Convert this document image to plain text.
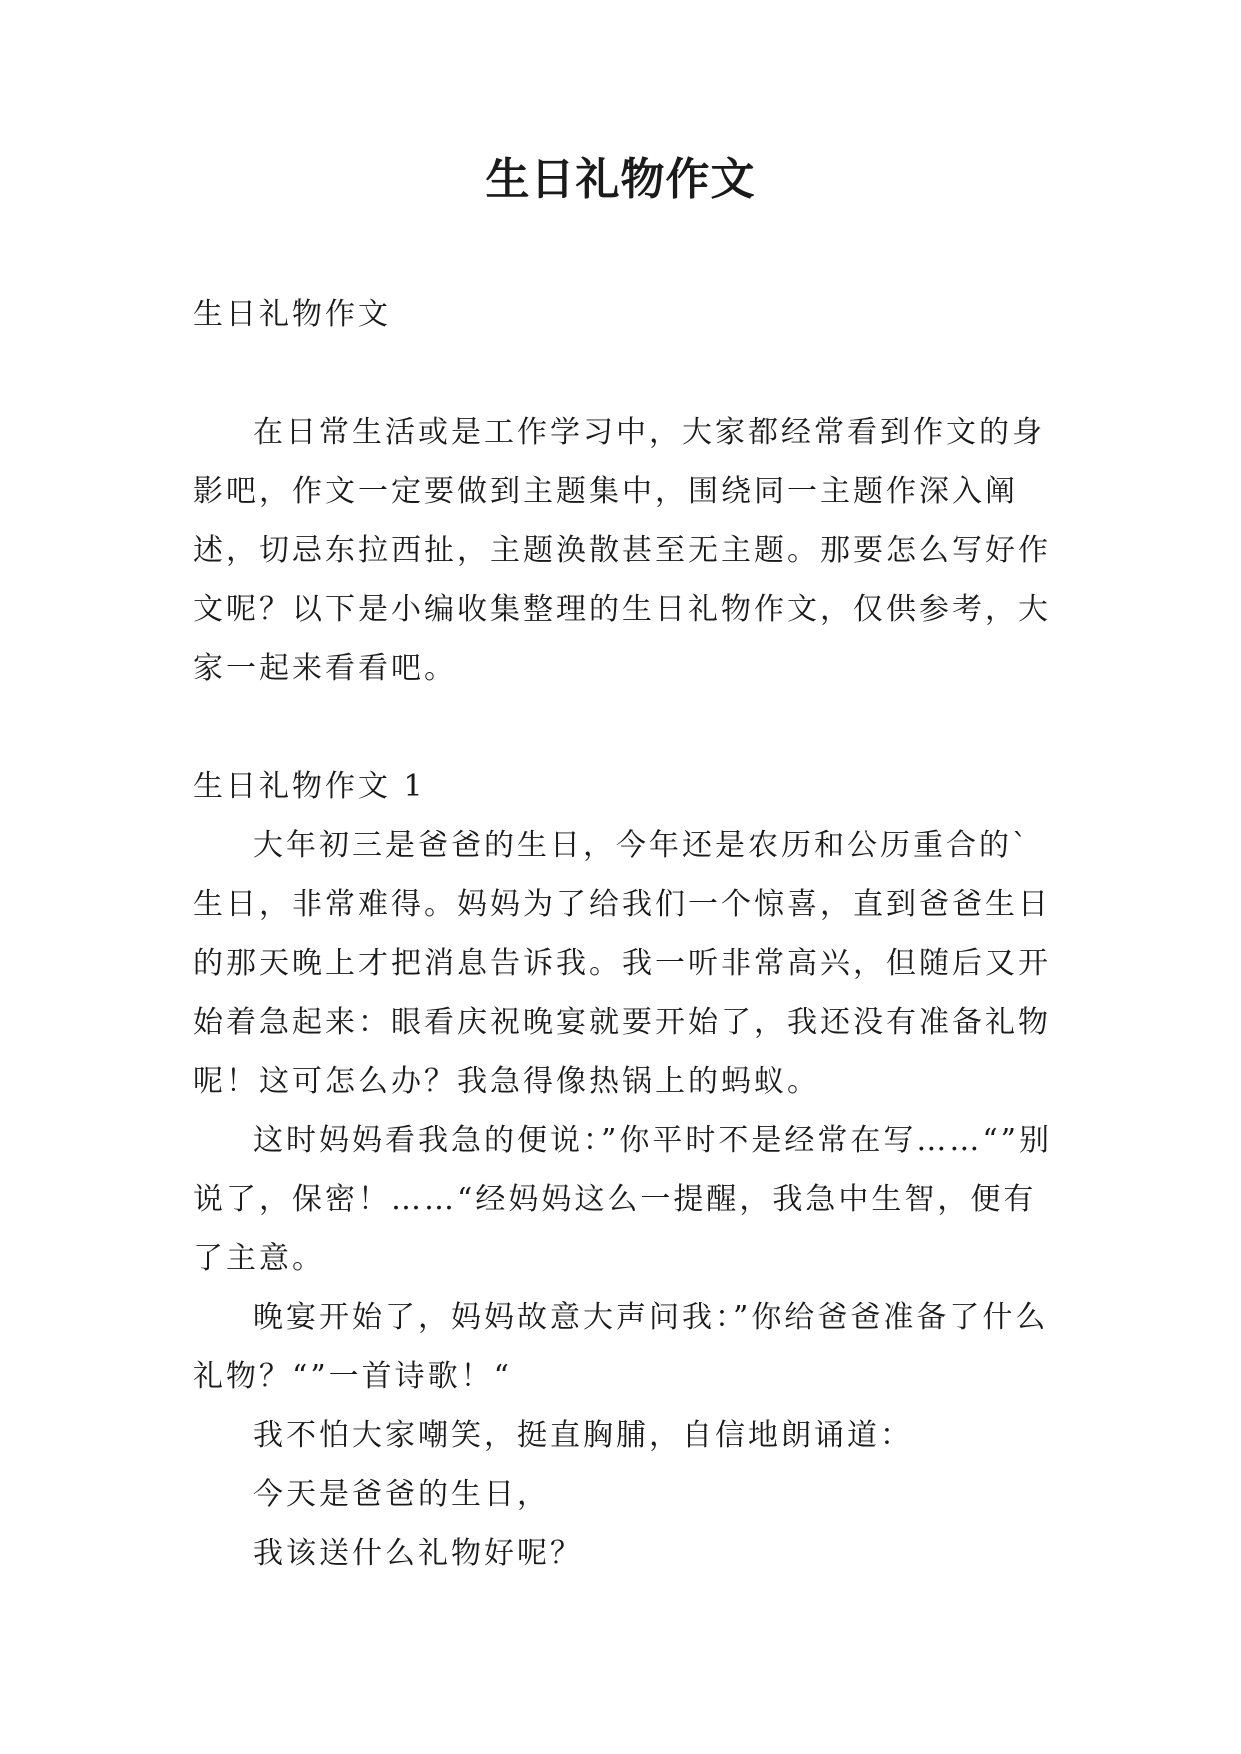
生日礼物作文

生日礼物作文

在日常生活或是工作学习中，大家都经常看到作文的身影吧，作文一定要做到主题集中，围绕同一主题作深入阐述，切忌东拉西扯，主题涣散甚至无主题。那要怎么写好作文呢？以下是小编收集整理的生日礼物作文，仅供参考，大家一起来看看吧。

生日礼物作文 1

大年初三是爸爸的生日，今年还是农历和公历重合的`生日，非常难得。妈妈为了给我们一个惊喜，直到爸爸生日的那天晚上才把消息告诉我。我一听非常高兴，但随后又开始着急起来：眼看庆祝晚宴就要开始了，我还没有准备礼物呢！这可怎么办？我急得像热锅上的蚂蚁。

这时妈妈看我急的便说：”你平时不是经常在写……“”别说了，保密！……“经妈妈这么一提醒，我急中生智，便有了主意。

晚宴开始了，妈妈故意大声问我：”你给爸爸准备了什么礼物？“”一首诗歌！“

我不怕大家嘲笑，挺直胸脯，自信地朗诵道：

今天是爸爸的生日，

我该送什么礼物好呢？
